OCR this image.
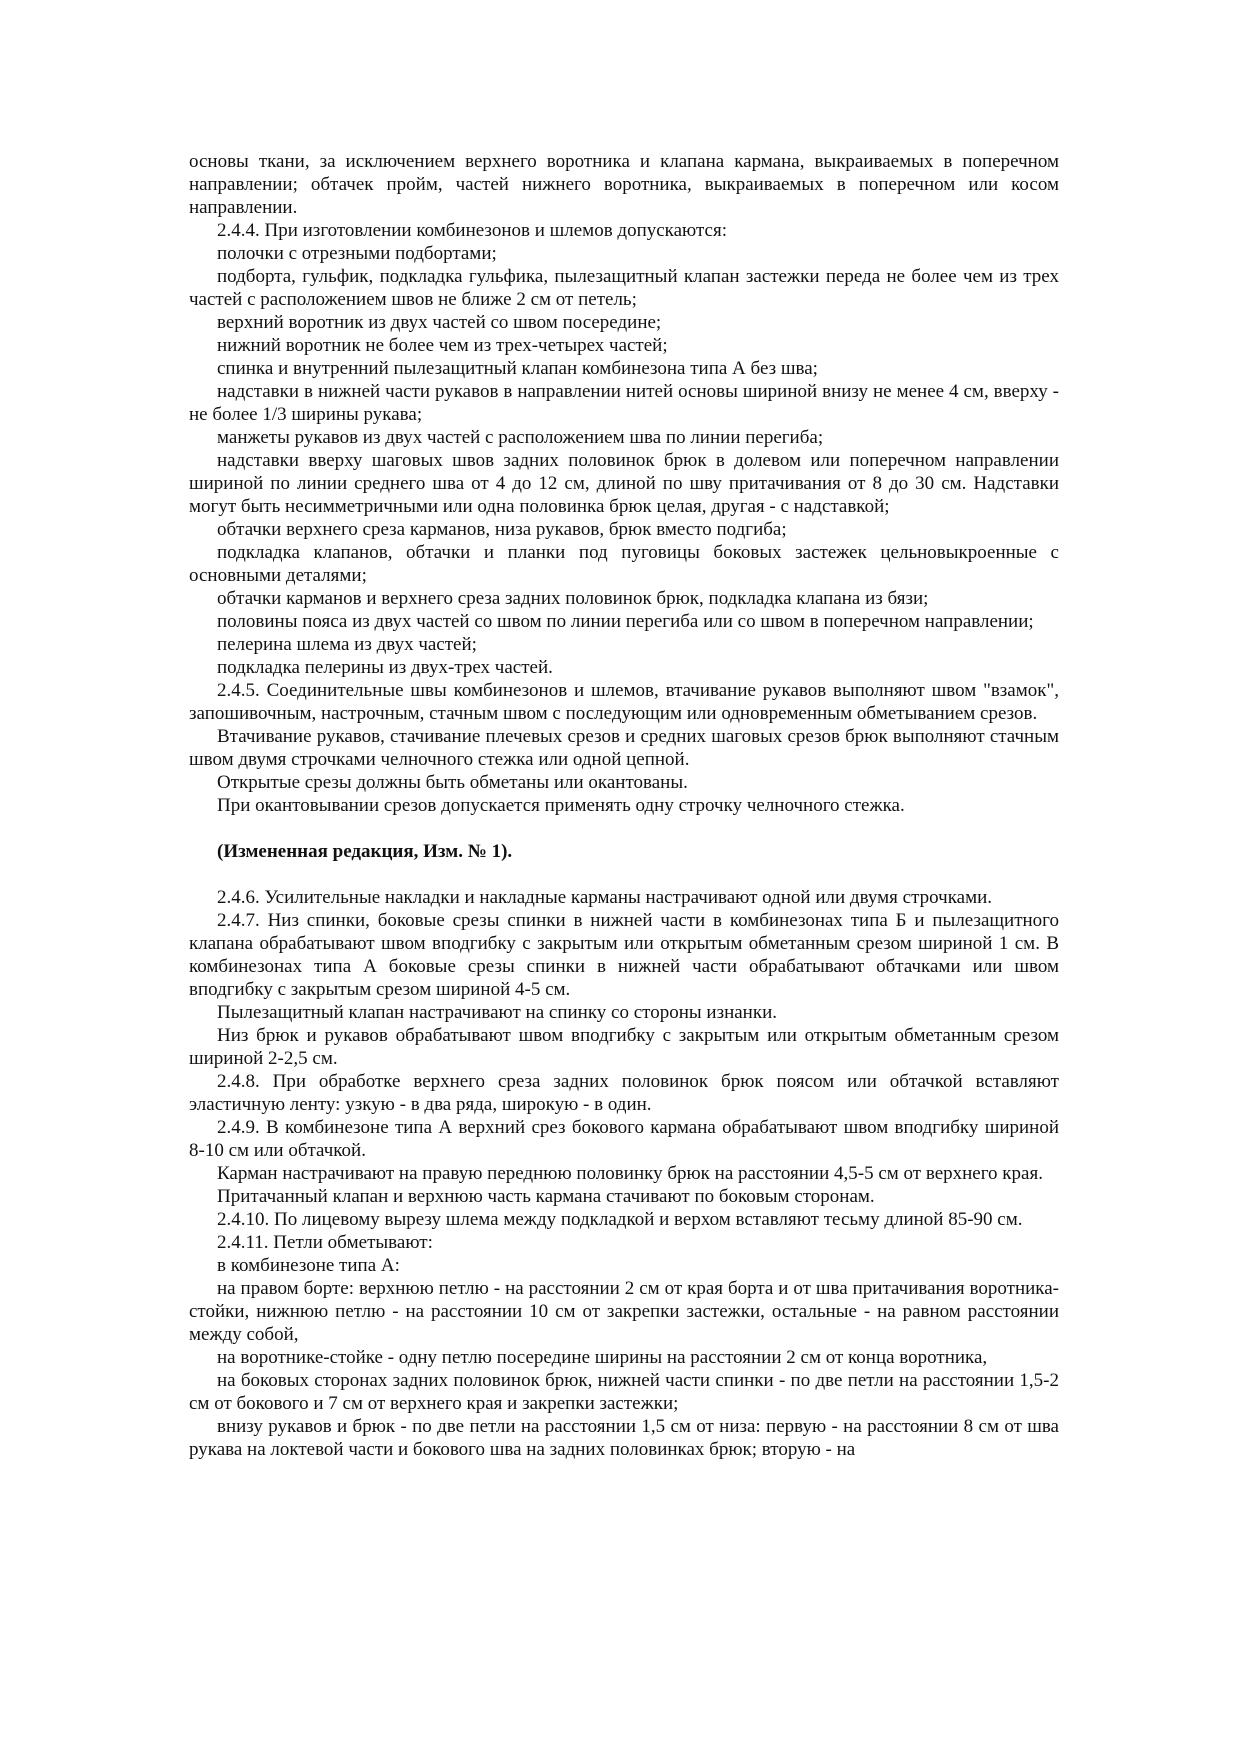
основы ткани, за исключением верхнего воротника и клапана кармана, выкраиваемых в поперечном направлении; обтачек пройм, частей нижнего воротника, выкраиваемых в поперечном или косом направлении.

2.4.4. При изготовлении комбинезонов и шлемов допускаются:

полочки с отрезными подбортами;

подборта, гульфик, подкладка гульфика, пылезащитный клапан застежки переда не более чем из трех частей с расположением швов не ближе 2 см от петель;

верхний воротник из двух частей со швом посередине;

нижний воротник не более чем из трех-четырех частей;

спинка и внутренний пылезащитный клапан комбинезона типа А без шва;

надставки в нижней части рукавов в направлении нитей основы шириной внизу не менее 4 см, вверху - не более 1/3 ширины рукава;

манжеты рукавов из двух частей с расположением шва по линии перегиба;

надставки вверху шаговых швов задних половинок брюк в долевом или поперечном направлении шириной по линии среднего шва от 4 до 12 см, длиной по шву притачивания от 8 до 30 см. Надставки могут быть несимметричными или одна половинка брюк целая, другая - с надставкой;

обтачки верхнего среза карманов, низа рукавов, брюк вместо подгиба;

подкладка клапанов, обтачки и планки под пуговицы боковых застежек цельновыкроенные с основными деталями;

обтачки карманов и верхнего среза задних половинок брюк, подкладка клапана из бязи;

половины пояса из двух частей со швом по линии перегиба или со швом в поперечном направлении;

пелерина шлема из двух частей;

подкладка пелерины из двух-трех частей.

2.4.5. Соединительные швы комбинезонов и шлемов, втачивание рукавов выполняют швом "взамок", запошивочным, настрочным, стачным швом с последующим или одновременным обметыванием срезов.

Втачивание рукавов, стачивание плечевых срезов и средних шаговых срезов брюк выполняют стачным швом двумя строчками челночного стежка или одной цепной.

Открытые срезы должны быть обметаны или окантованы.

При окантовывании срезов допускается применять одну строчку челночного стежка.

(Измененная редакция, Изм. № 1).

2.4.6. Усилительные накладки и накладные карманы настрачивают одной или двумя строчками.

2.4.7. Низ спинки, боковые срезы спинки в нижней части в комбинезонах типа Б и пылезащитного клапана обрабатывают швом вподгибку с закрытым или открытым обметанным срезом шириной 1 см. В комбинезонах типа А боковые срезы спинки в нижней части обрабатывают обтачками или швом вподгибку с закрытым срезом шириной 4-5 см.

Пылезащитный клапан настрачивают на спинку со стороны изнанки.

Низ брюк и рукавов обрабатывают швом вподгибку с закрытым или открытым обметанным срезом шириной 2-2,5 см.

2.4.8. При обработке верхнего среза задних половинок брюк поясом или обтачкой вставляют эластичную ленту: узкую - в два ряда, широкую - в один.

2.4.9. В комбинезоне типа А верхний срез бокового кармана обрабатывают швом вподгибку шириной 8-10 см или обтачкой.

Карман настрачивают на правую переднюю половинку брюк на расстоянии 4,5-5 см от верхнего края.

Притачанный клапан и верхнюю часть кармана стачивают по боковым сторонам.

2.4.10. По лицевому вырезу шлема между подкладкой и верхом вставляют тесьму длиной 85-90 см.

2.4.11. Петли обметывают:

в комбинезоне типа А:

на правом борте: верхнюю петлю - на расстоянии 2 см от края борта и от шва притачивания воротника-стойки, нижнюю петлю - на расстоянии 10 см от закрепки застежки, остальные - на равном расстоянии между собой,

на воротнике-стойке - одну петлю посередине ширины на расстоянии 2 см от конца воротника,

на боковых сторонах задних половинок брюк, нижней части спинки - по две петли на расстоянии 1,5-2 см от бокового и 7 см от верхнего края и закрепки застежки;

внизу рукавов и брюк - по две петли на расстоянии 1,5 см от низа: первую - на расстоянии 8 см от шва рукава на локтевой части и бокового шва на задних половинках брюк; вторую - на
